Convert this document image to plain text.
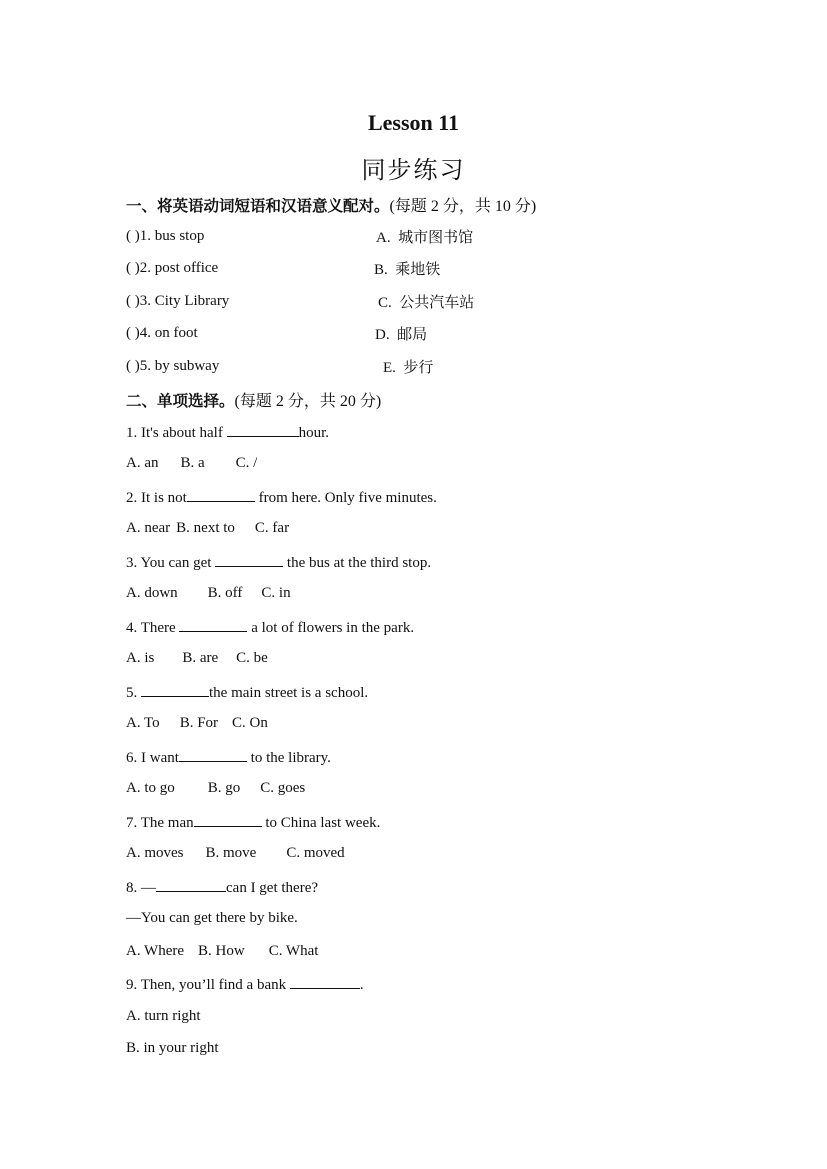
Lesson 11
同步练习
一、将英语动词短语和汉语意义配对。(每题 2 分，共 10 分)
( )1. bus stop	A. 城市图书馆
( )2. post office	B. 乘地铁
( )3. City Library	C. 公共汽车站
( )4. on foot	D. 邮局
( )5. by subway	E. 步行
二、单项选择。(每题 2 分，共 20 分)
1. It's about half	hour.
A. an B. a C. /
2. It is not	from here. Only five minutes.
A. near B. next to C. far
3. You can get	the bus at the third stop.
A. down B. off C. in
4. There	a lot of flowers in the park.
A. is B. are C. be
5.	the main street is a school.
A. To B. For C. On
6. I want	to the library.
A. to go B. go C. goes
7. The man	to China last week.
A. moves B. move C. moved
8. —	can I get there?
—You can get there by bike.
A. Where B. How C. What
9. Then, you’ll find a bank	.
A. turn right
B. in your right
